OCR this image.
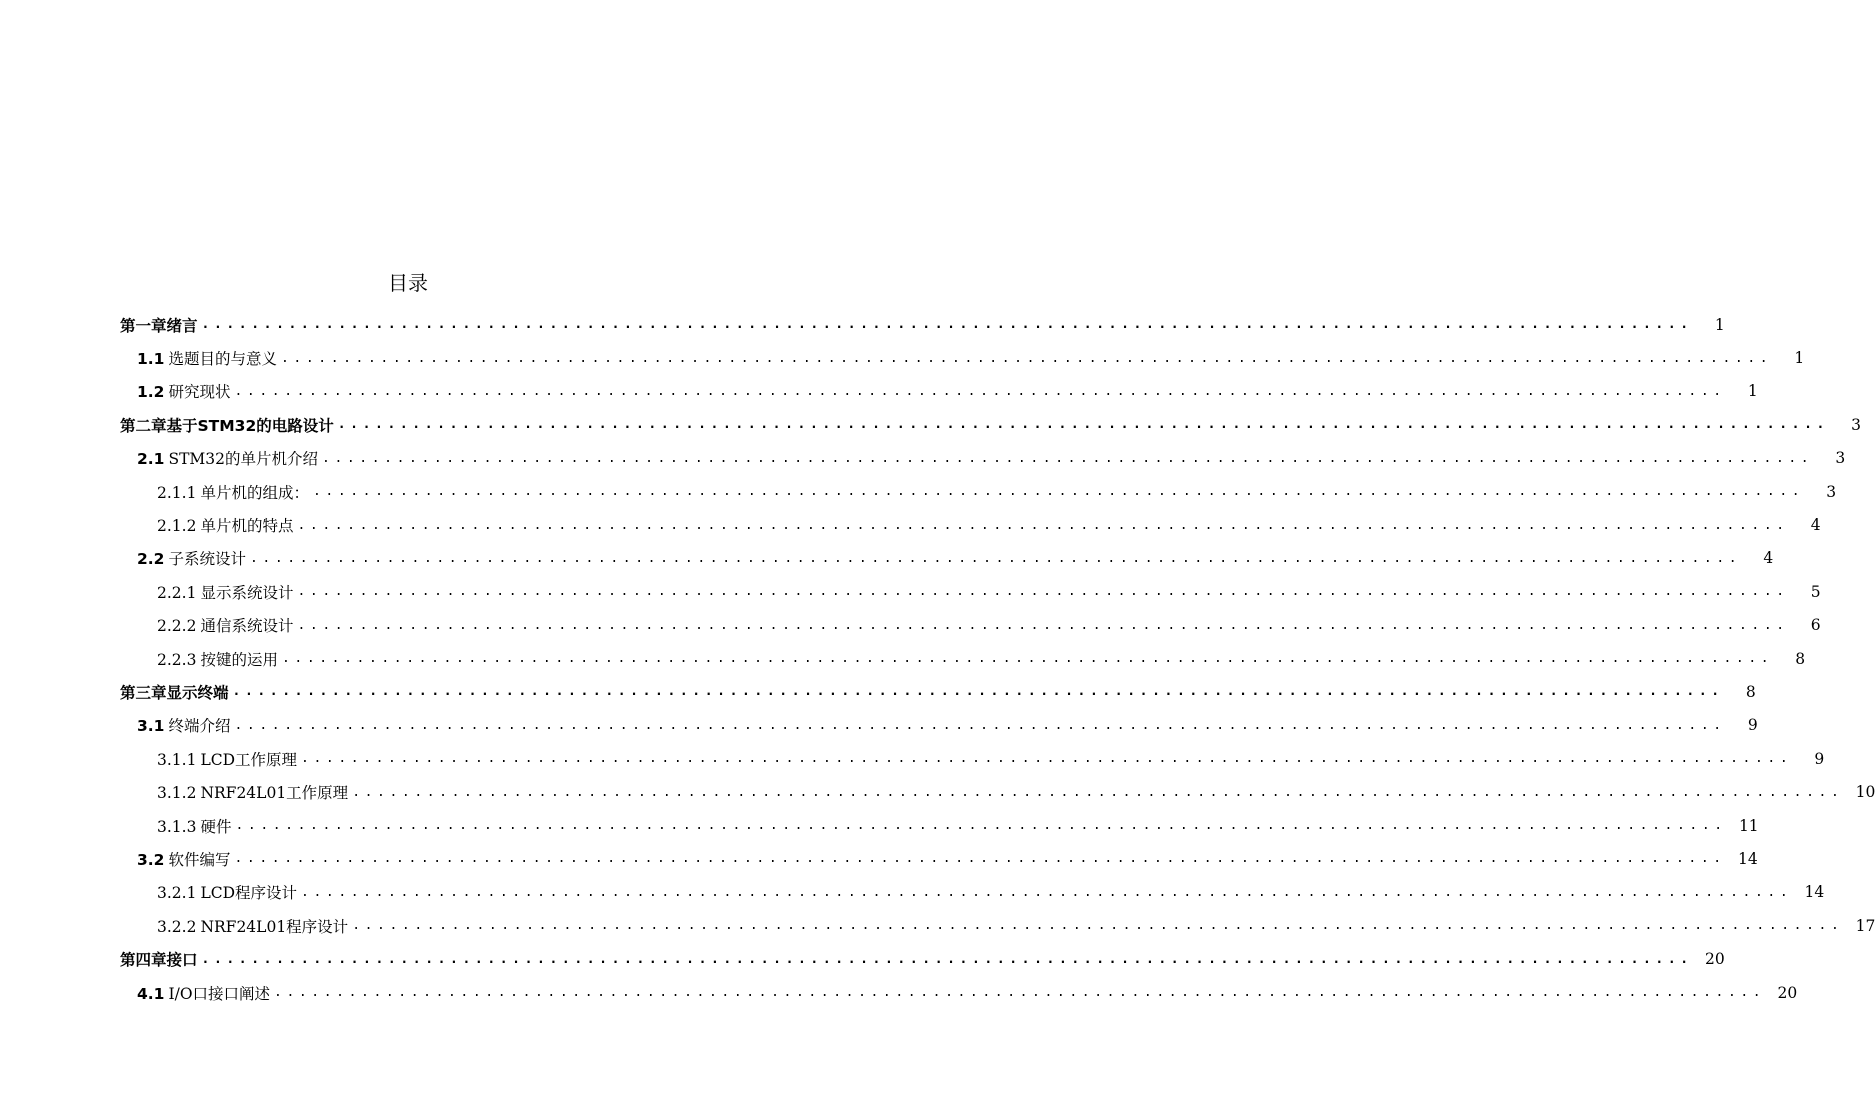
目录
第一章绪言 ........................................................................................................................	1
1.1 选题目的与意义 ........................................................................................................................	1
1.2 研究现状 ........................................................................................................................	1
第二章基于STM32的电路设计 ........................................................................................................................	3
2.1 STM32的单片机介绍 ........................................................................................................................	3
2.1.1 单片机的组成： ........................................................................................................................	3
2.1.2 单片机的特点 ........................................................................................................................	4
2.2 子系统设计 ........................................................................................................................	4
2.2.1 显示系统设计 ........................................................................................................................	5
2.2.2 通信系统设计 ........................................................................................................................	6
2.2.3 按键的运用 ........................................................................................................................	8
第三章显示终端 ........................................................................................................................	8
3.1 终端介绍 ........................................................................................................................	9
3.1.1 LCD工作原理 ........................................................................................................................	9
3.1.2 NRF24L01工作原理 ........................................................................................................................ 10
3.1.3 硬件 ........................................................................................................................ 11
3.2 软件编写 ........................................................................................................................ 14
3.2.1 LCD程序设计 ........................................................................................................................ 14
3.2.2 NRF24L01程序设计 ........................................................................................................................ 17
第四章接口 ........................................................................................................................ 20
4.1 I/O口接口阐述 ........................................................................................................................ 20
